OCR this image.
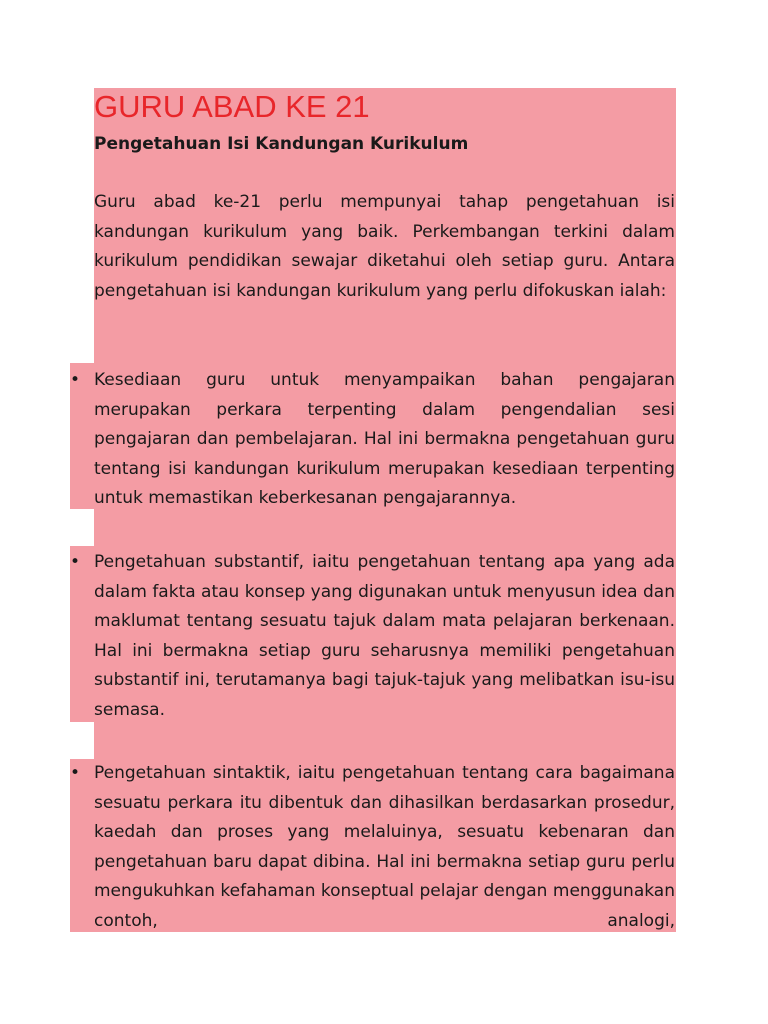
GURU ABAD KE 21
Pengetahuan Isi Kandungan Kurikulum

Guru abad ke-21 perlu mempunyai tahap pengetahuan isi kandungan kurikulum yang baik. Perkembangan terkini dalam kurikulum pendidikan sewajar diketahui oleh setiap guru. Antara pengetahuan isi kandungan kurikulum yang perlu difokuskan ialah:

• Kesediaan guru untuk menyampaikan bahan pengajaran merupakan perkara terpenting dalam pengendalian sesi pengajaran dan pembelajaran. Hal ini bermakna pengetahuan guru tentang isi kandungan kurikulum merupakan kesediaan terpenting untuk memastikan keberkesanan pengajarannya.

• Pengetahuan substantif, iaitu pengetahuan tentang apa yang ada dalam fakta atau konsep yang digunakan untuk menyusun idea dan maklumat tentang sesuatu tajuk dalam mata pelajaran berkenaan. Hal ini bermakna setiap guru seharusnya memiliki pengetahuan substantif ini, terutamanya bagi tajuk-tajuk yang melibatkan isu-isu semasa.

• Pengetahuan sintaktik, iaitu pengetahuan tentang cara bagaimana sesuatu perkara itu dibentuk dan dihasilkan berdasarkan prosedur, kaedah dan proses yang melaluinya, sesuatu kebenaran dan pengetahuan baru dapat dibina. Hal ini bermakna setiap guru perlu mengukuhkan kefahaman konseptual pelajar dengan menggunakan contoh, analogi,
